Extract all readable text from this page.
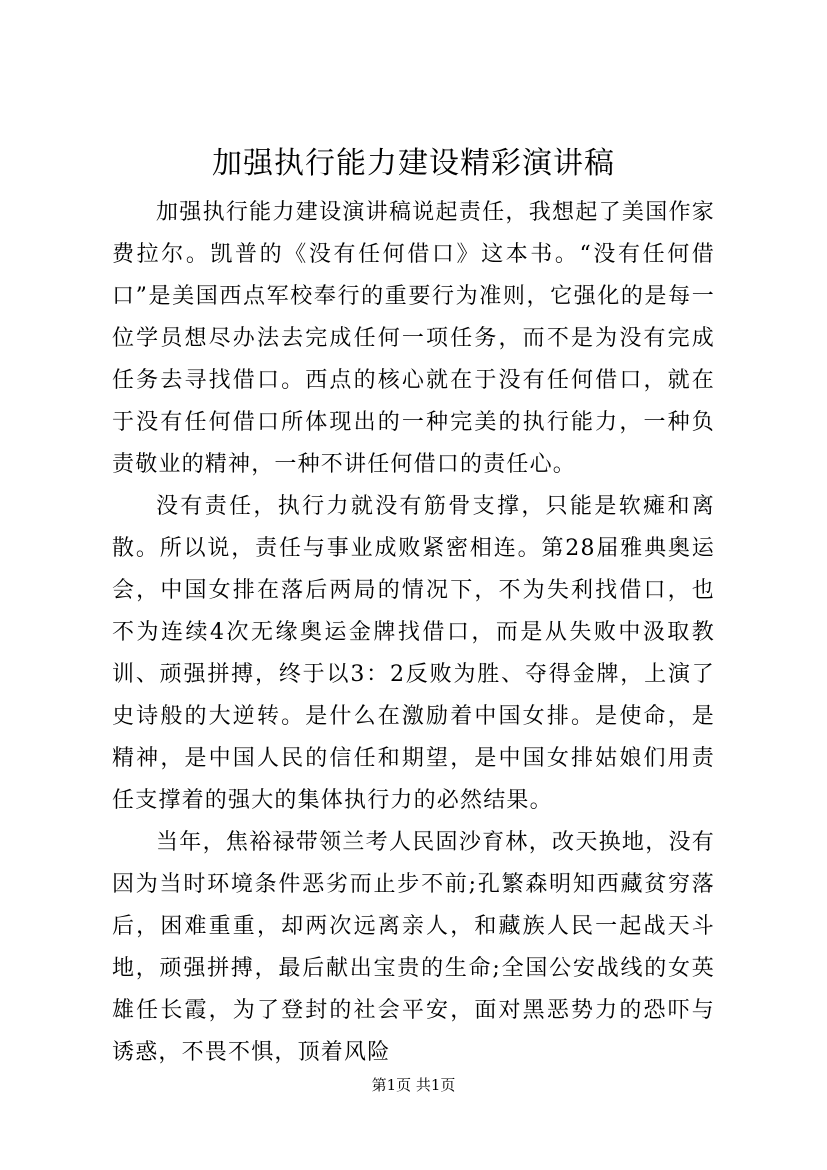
加强执行能力建设精彩演讲稿

加强执行能力建设演讲稿说起责任，我想起了美国作家费拉尔。凯普的《没有任何借口》这本书。“没有任何借口”是美国西点军校奉行的重要行为准则，它强化的是每一位学员想尽办法去完成任何一项任务，而不是为没有完成任务去寻找借口。西点的核心就在于没有任何借口，就在于没有任何借口所体现出的一种完美的执行能力，一种负责敬业的精神，一种不讲任何借口的责任心。

没有责任，执行力就没有筋骨支撑，只能是软瘫和离散。所以说，责任与事业成败紧密相连。第28届雅典奥运会，中国女排在落后两局的情况下，不为失利找借口，也不为连续4次无缘奥运金牌找借口，而是从失败中汲取教训、顽强拼搏，终于以3：2反败为胜、夺得金牌，上演了史诗般的大逆转。是什么在激励着中国女排。是使命，是精神，是中国人民的信任和期望，是中国女排姑娘们用责任支撑着的强大的集体执行力的必然结果。

当年，焦裕禄带领兰考人民固沙育林，改天换地，没有因为当时环境条件恶劣而止步不前;孔繁森明知西藏贫穷落后，困难重重，却两次远离亲人，和藏族人民一起战天斗地，顽强拼搏，最后献出宝贵的生命;全国公安战线的女英雄任长霞，为了登封的社会平安，面对黑恶势力的恐吓与诱惑，不畏不惧，顶着风险

第1页 共1页
